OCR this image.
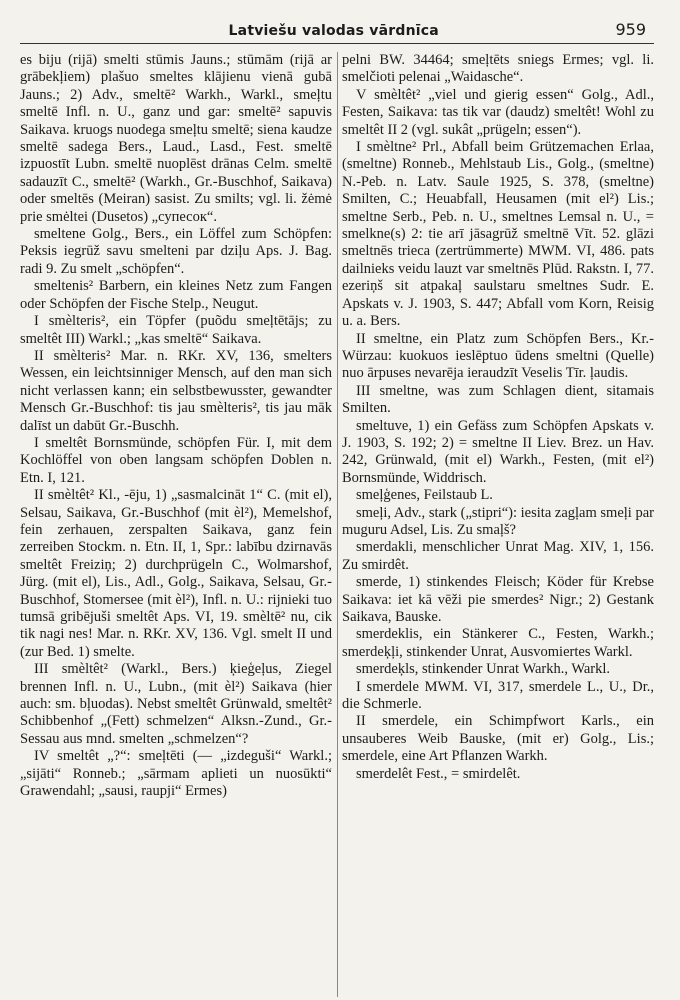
Latviešu valodas vārdnīca	959

es biju (rijā) smelti stūmis Jauns.; stūmām (rijā ar grābekļiem) plašuo smeltes klājienu vienā gubā Jauns.; 2) Adv., smeltē² Warkh., Warkl., smeļtu smeltē Infl. n. U., ganz und gar: smeltē² sapuvis Saikava. kruogs nuodega smeļtu smeltē; siena kaudze smeltē sadega Bers., Laud., Lasd., Fest. smeltē izpuostīt Lubn. smeltē nuoplēst drānas Celm. smeltē sadauzīt C., smeltē² (Warkh., Gr.-Buschhof, Saikava) oder smeltēs (Meiran) sasist. Zu smilts; vgl. li. žėmė prie smėltei (Dusetos) „супесок“.

smeltene Golg., Bers., ein Löffel zum Schöpfen: Peksis iegrūž savu smelteni par dziļu Aps. J. Bag. radi 9. Zu smelt „schöpfen“.

smeltenis² Barbern, ein kleines Netz zum Fangen oder Schöpfen der Fische Stelp., Neugut.

I smèlteris², ein Töpfer (puõdu smeļtētājs; zu smeltêt III) Warkl.; „kas smeltē“ Saikava.

II smèlteris² Mar. n. RKr. XV, 136, smelters Wessen, ein leichtsinniger Mensch, auf den man sich nicht verlassen kann; ein selbstbewusster, gewandter Mensch Gr.-Buschhof: tis jau smèlteris², tis jau māk dalīst un dabūt Gr.-Buschh.

I smeltêt Bornsmünde, schöpfen Für. I, mit dem Kochlöffel von oben langsam schöpfen Doblen n. Etn. I, 121.

II smèltêt² Kl., -ēju, 1) „sasmalcināt 1“ C. (mit el), Selsau, Saikava, Gr.-Buschhof (mit èl²), Memelshof, fein zerhauen, zerspalten Saikava, ganz fein zerreiben Stockm. n. Etn. II, 1, Spr.: labību dzirnavās smeltêt Freiziņ; 2) durchprügeln C., Wolmarshof, Jürg. (mit el), Lis., Adl., Golg., Saikava, Selsau, Gr.-Buschhof, Stomersee (mit èl²), Infl. n. U.: rijnieki tuo tumsā gribējuši smeltêt Aps. VI, 19. smèltē² nu, cik tik nagi nes! Mar. n. RKr. XV, 136. Vgl. smelt II und (zur Bed. 1) smelte.

III smèltêt² (Warkl., Bers.) ķieģeļus, Ziegel brennen Infl. n. U., Lubn., (mit èl²) Saikava (hier auch: sm. bļuodas). Nebst smeltêt Grünwald, smeltêt² Schibbenhof „(Fett) schmelzen“ Alksn.-Zund., Gr.-Sessau aus mnd. smelten „schmelzen“?

IV smeltêt „?“: smeļtēti (— „izdeguši“ Warkl.; „sijāti“ Ronneb.; „sārmam aplieti un nuosūkti“ Grawendahl; „sausi, raupji“ Ermes)

pelni BW. 34464; smeļtēts sniegs Ermes; vgl. li. smelčioti pelenai „Waidasche“.

V smèltêt² „viel und gierig essen“ Golg., Adl., Festen, Saikava: tas tik var (daudz) smeltêt! Wohl zu smeltêt II 2 (vgl. sukât „prügeln; essen“).

I smèltne² Prl., Abfall beim Grützemachen Erlaa, (smeltne) Ronneb., Mehlstaub Lis., Golg., (smeltne) N.-Peb. n. Latv. Saule 1925, S. 378, (smeltne) Smilten, C.; Heuabfall, Heusamen (mit el²) Lis.; smeltne Serb., Peb. n. U., smeltnes Lemsal n. U., = smelkne(s) 2: tie arī jāsagrūž smeltnē Vīt. 52. glāzi smeltnēs trieca (zertrümmerte) MWM. VI, 486. pats dailnieks veidu lauzt var smeltnēs Plūd. Rakstn. I, 77. ezeriņš sit atpakaļ saulstaru smeltnes Sudr. E. Apskats v. J. 1903, S. 447; Abfall vom Korn, Reisig u. a. Bers.

II smeltne, ein Platz zum Schöpfen Bers., Kr.-Würzau: kuokuos ieslēptuo ūdens smeltni (Quelle) nuo ārpuses nevarēja ieraudzīt Veselis Tīr. ļaudis.

III smeltne, was zum Schlagen dient, sitamais Smilten.

smeltuve, 1) ein Gefäss zum Schöpfen Apskats v. J. 1903, S. 192; 2) = smeltne II Liev. Brez. un Hav. 242, Grünwald, (mit el) Warkh., Festen, (mit el²) Bornsmünde, Widdrisch.

smeļģenes, Feilstaub L.

smeļi, Adv., stark („stipri“): iesita zagļam smeļi par muguru Adsel, Lis. Zu smaļš?

smerdakli, menschlicher Unrat Mag. XIV, 1, 156. Zu smirdêt.

smerde, 1) stinkendes Fleisch; Köder für Krebse Saikava: iet kā vēži pie smerdes² Nigr.; 2) Gestank Saikava, Bauske.

smerdeklis, ein Stänkerer C., Festen, Warkh.; smerdeķļi, stinkender Unrat, Ausvomiertes Warkl.

smerdeķls, stinkender Unrat Warkh., Warkl.

I smerdele MWM. VI, 317, smerdele L., U., Dr., die Schmerle.

II smerdele, ein Schimpfwort Karls., ein unsauberes Weib Bauske, (mit er) Golg., Lis.; smerdele, eine Art Pflanzen Warkh.

smerdelêt Fest., = smirdelêt.
